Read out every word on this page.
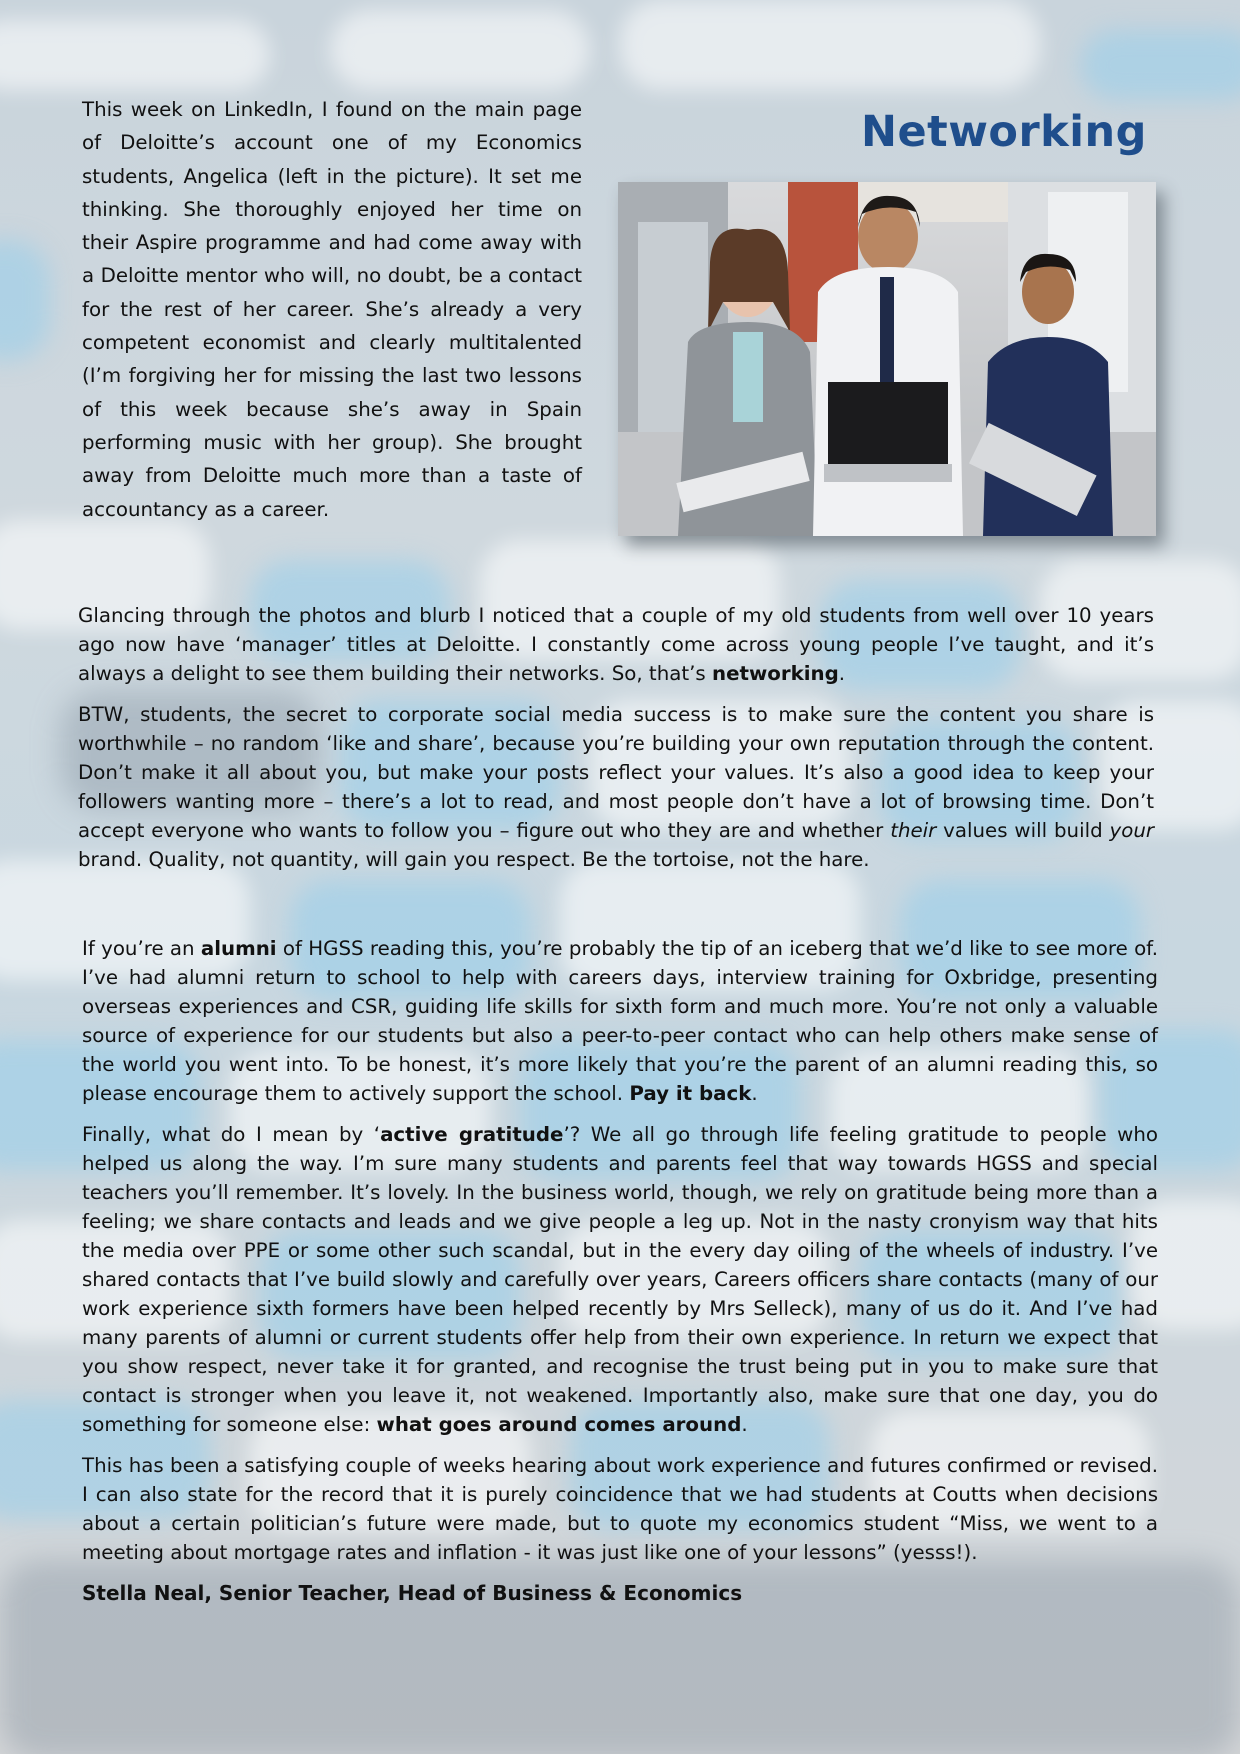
Networking

This week on LinkedIn, I found on the main page of Deloitte’s account one of my Economics students, Angelica (left in the picture). It set me thinking. She thoroughly enjoyed her time on their Aspire programme and had come away with a Deloitte mentor who will, no doubt, be a contact for the rest of her career. She’s already a very competent economist and clearly multitalented (I’m forgiving her for missing the last two lessons of this week because she’s away in Spain performing music with her group). She brought away from Deloitte much more than a taste of accountancy as a career.

Glancing through the photos and blurb I noticed that a couple of my old students from well over 10 years ago now have ‘manager’ titles at Deloitte. I constantly come across young people I’ve taught, and it’s always a delight to see them building their networks. So, that’s networking.

BTW, students, the secret to corporate social media success is to make sure the content you share is worthwhile – no random ‘like and share’, because you’re building your own reputation through the content. Don’t make it all about you, but make your posts reflect your values. It’s also a good idea to keep your followers wanting more – there’s a lot to read, and most people don’t have a lot of browsing time. Don’t accept everyone who wants to follow you – figure out who they are and whether their values will build your brand. Quality, not quantity, will gain you respect. Be the tortoise, not the hare.

If you’re an alumni of HGSS reading this, you’re probably the tip of an iceberg that we’d like to see more of. I’ve had alumni return to school to help with careers days, interview training for Oxbridge, presenting overseas experiences and CSR, guiding life skills for sixth form and much more. You’re not only a valuable source of experience for our students but also a peer-to-peer contact who can help others make sense of the world you went into. To be honest, it’s more likely that you’re the parent of an alumni reading this, so please encourage them to actively support the school. Pay it back.

Finally, what do I mean by ‘active gratitude’? We all go through life feeling gratitude to people who helped us along the way. I’m sure many students and parents feel that way towards HGSS and special teachers you’ll remember. It’s lovely. In the business world, though, we rely on gratitude being more than a feeling; we share contacts and leads and we give people a leg up. Not in the nasty cronyism way that hits the media over PPE or some other such scandal, but in the every day oiling of the wheels of industry. I’ve shared contacts that I’ve build slowly and carefully over years, Careers officers share contacts (many of our work experience sixth formers have been helped recently by Mrs Selleck), many of us do it. And I’ve had many parents of alumni or current students offer help from their own experience. In return we expect that you show respect, never take it for granted, and recognise the trust being put in you to make sure that contact is stronger when you leave it, not weakened. Importantly also, make sure that one day, you do something for someone else: what goes around comes around.

This has been a satisfying couple of weeks hearing about work experience and futures confirmed or revised. I can also state for the record that it is purely coincidence that we had students at Coutts when decisions about a certain politician’s future were made, but to quote my economics student “Miss, we went to a meeting about mortgage rates and inflation - it was just like one of your lessons” (yesss!).

Stella Neal, Senior Teacher, Head of Business & Economics
